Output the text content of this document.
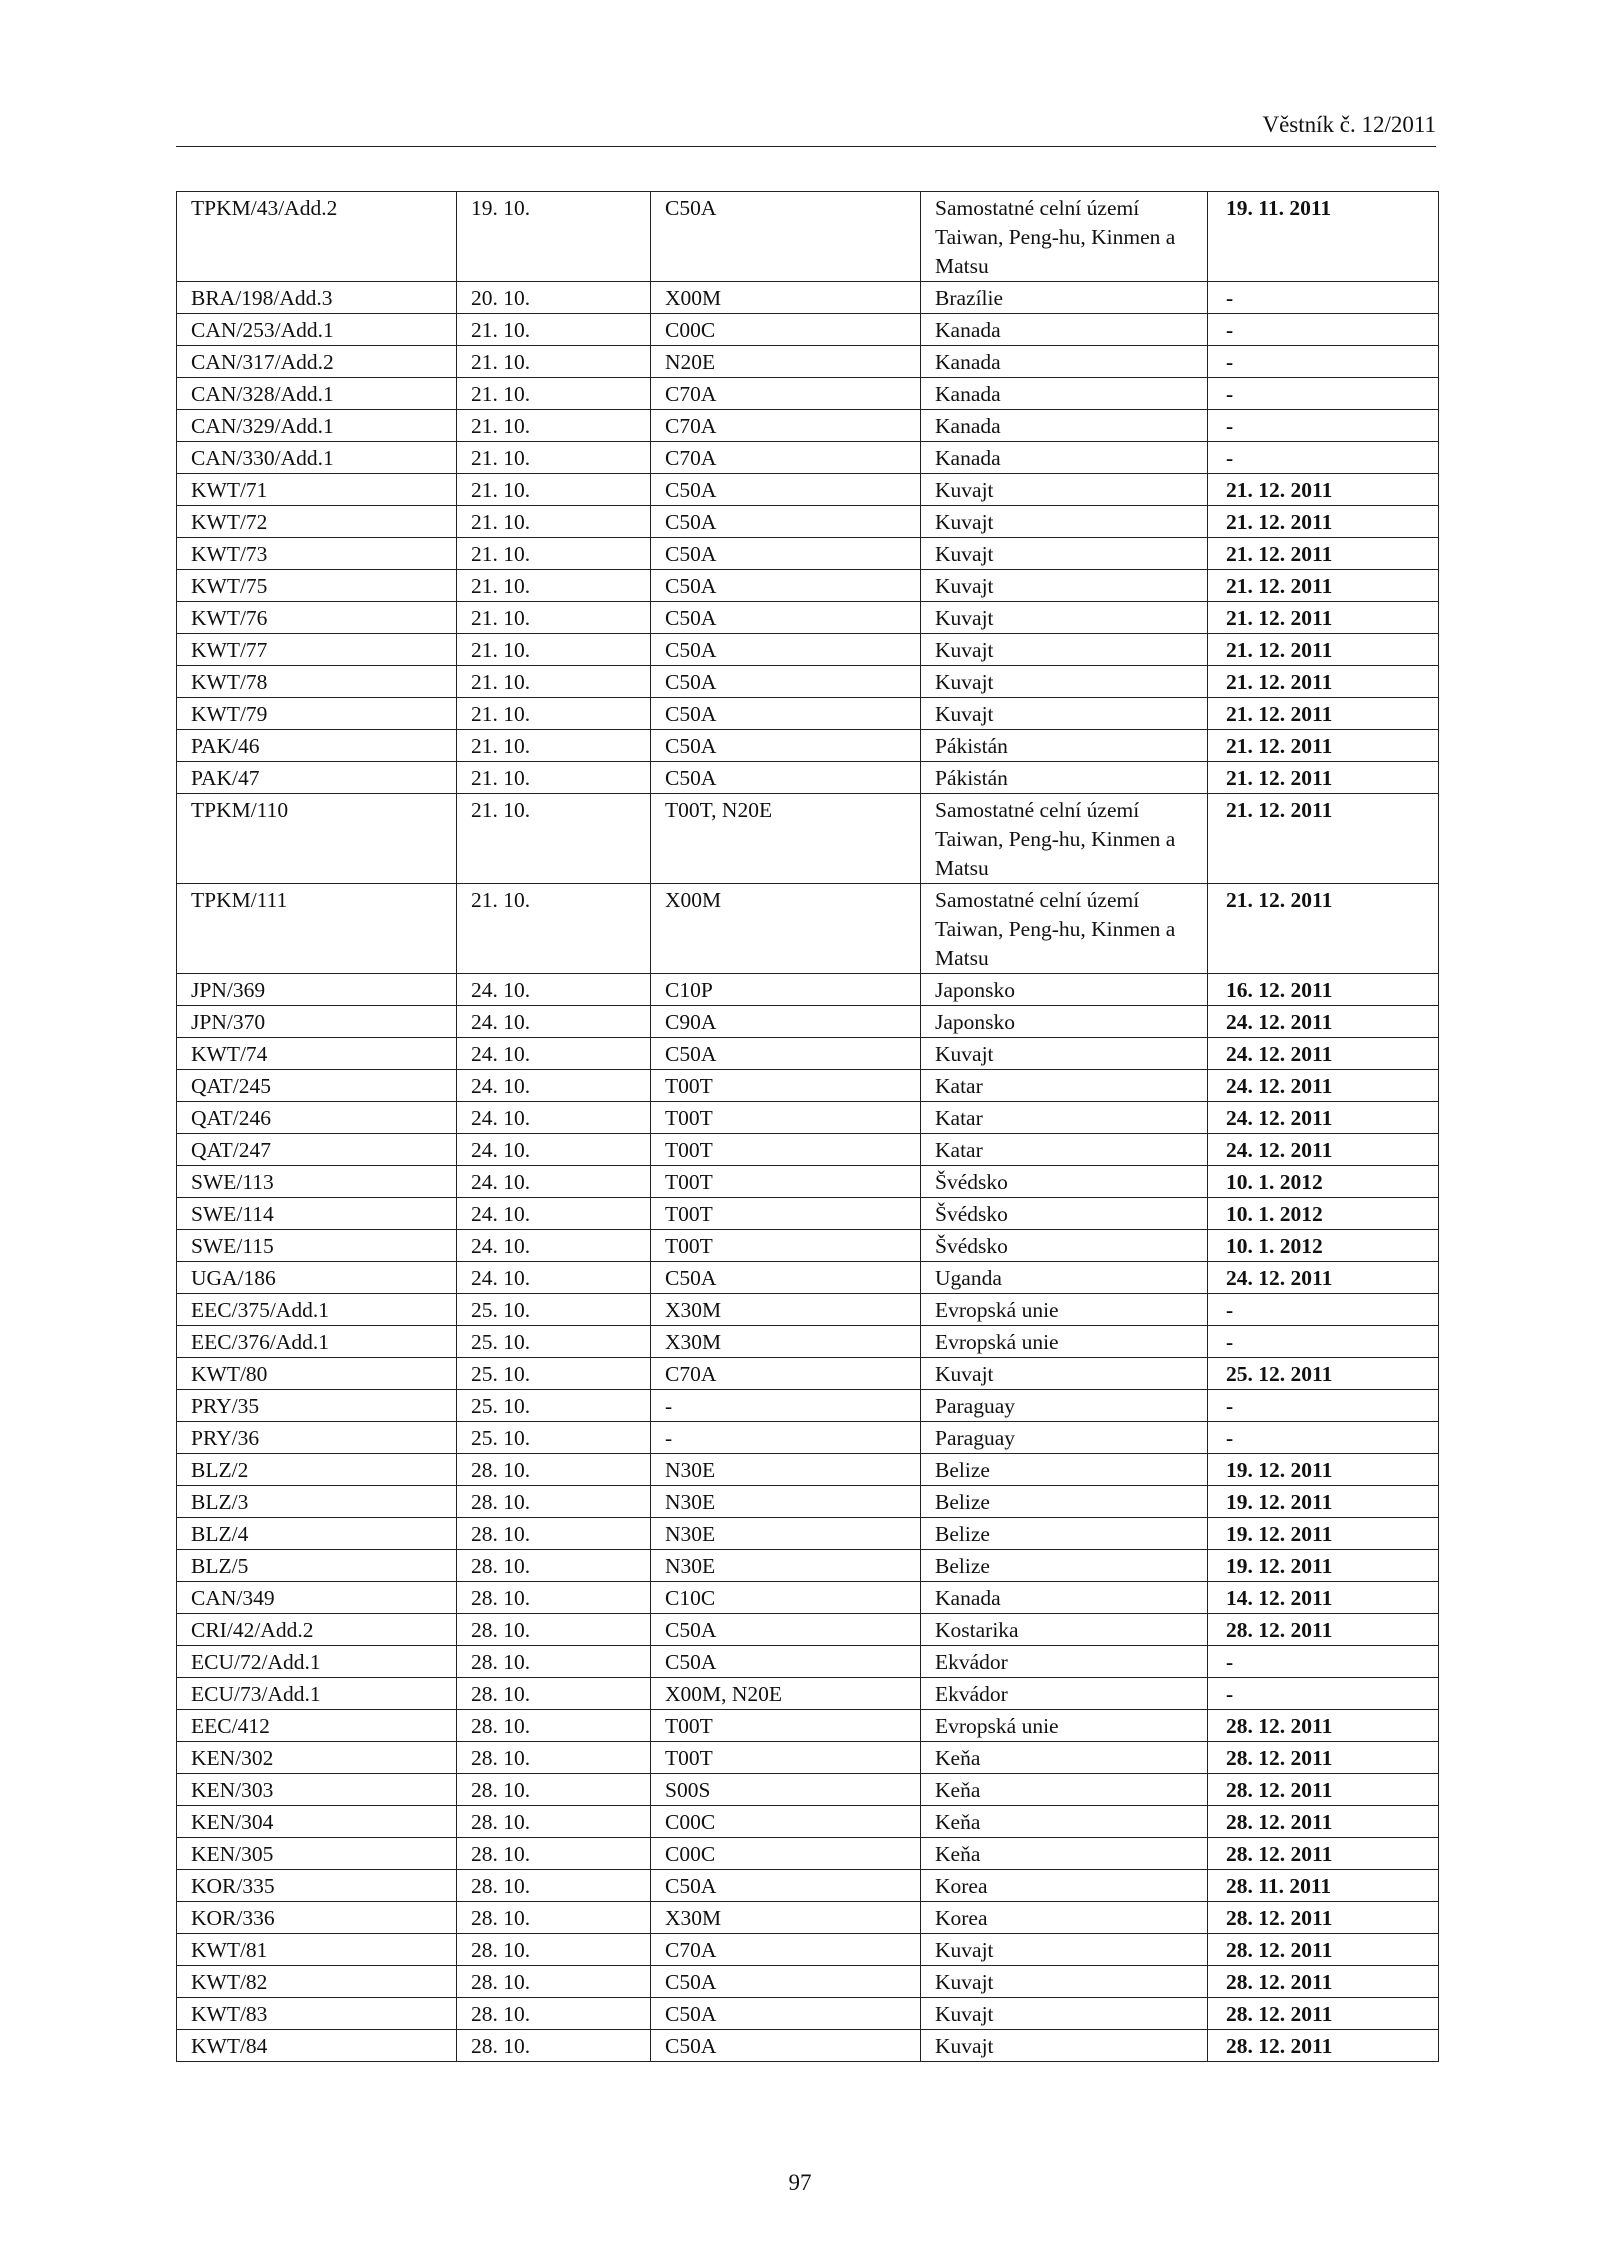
Věstník č. 12/2011
TPKM/43/Add.2	19. 10.	C50A	Samostatné celní území Taiwan, Peng-hu, Kinmen a Matsu	19. 11. 2011
BRA/198/Add.3	20. 10.	X00M	Brazílie	-
CAN/253/Add.1	21. 10.	C00C	Kanada	-
CAN/317/Add.2	21. 10.	N20E	Kanada	-
CAN/328/Add.1	21. 10.	C70A	Kanada	-
CAN/329/Add.1	21. 10.	C70A	Kanada	-
CAN/330/Add.1	21. 10.	C70A	Kanada	-
KWT/71	21. 10.	C50A	Kuvajt	21. 12. 2011
KWT/72	21. 10.	C50A	Kuvajt	21. 12. 2011
KWT/73	21. 10.	C50A	Kuvajt	21. 12. 2011
KWT/75	21. 10.	C50A	Kuvajt	21. 12. 2011
KWT/76	21. 10.	C50A	Kuvajt	21. 12. 2011
KWT/77	21. 10.	C50A	Kuvajt	21. 12. 2011
KWT/78	21. 10.	C50A	Kuvajt	21. 12. 2011
KWT/79	21. 10.	C50A	Kuvajt	21. 12. 2011
PAK/46	21. 10.	C50A	Pákistán	21. 12. 2011
PAK/47	21. 10.	C50A	Pákistán	21. 12. 2011
TPKM/110	21. 10.	T00T, N20E	Samostatné celní území Taiwan, Peng-hu, Kinmen a Matsu	21. 12. 2011
TPKM/111	21. 10.	X00M	Samostatné celní území Taiwan, Peng-hu, Kinmen a Matsu	21. 12. 2011
JPN/369	24. 10.	C10P	Japonsko	16. 12. 2011
JPN/370	24. 10.	C90A	Japonsko	24. 12. 2011
KWT/74	24. 10.	C50A	Kuvajt	24. 12. 2011
QAT/245	24. 10.	T00T	Katar	24. 12. 2011
QAT/246	24. 10.	T00T	Katar	24. 12. 2011
QAT/247	24. 10.	T00T	Katar	24. 12. 2011
SWE/113	24. 10.	T00T	Švédsko	10. 1. 2012
SWE/114	24. 10.	T00T	Švédsko	10. 1. 2012
SWE/115	24. 10.	T00T	Švédsko	10. 1. 2012
UGA/186	24. 10.	C50A	Uganda	24. 12. 2011
EEC/375/Add.1	25. 10.	X30M	Evropská unie	-
EEC/376/Add.1	25. 10.	X30M	Evropská unie	-
KWT/80	25. 10.	C70A	Kuvajt	25. 12. 2011
PRY/35	25. 10.	-	Paraguay	-
PRY/36	25. 10.	-	Paraguay	-
BLZ/2	28. 10.	N30E	Belize	19. 12. 2011
BLZ/3	28. 10.	N30E	Belize	19. 12. 2011
BLZ/4	28. 10.	N30E	Belize	19. 12. 2011
BLZ/5	28. 10.	N30E	Belize	19. 12. 2011
CAN/349	28. 10.	C10C	Kanada	14. 12. 2011
CRI/42/Add.2	28. 10.	C50A	Kostarika	28. 12. 2011
ECU/72/Add.1	28. 10.	C50A	Ekvádor	-
ECU/73/Add.1	28. 10.	X00M, N20E	Ekvádor	-
EEC/412	28. 10.	T00T	Evropská unie	28. 12. 2011
KEN/302	28. 10.	T00T	Keňa	28. 12. 2011
KEN/303	28. 10.	S00S	Keňa	28. 12. 2011
KEN/304	28. 10.	C00C	Keňa	28. 12. 2011
KEN/305	28. 10.	C00C	Keňa	28. 12. 2011
KOR/335	28. 10.	C50A	Korea	28. 11. 2011
KOR/336	28. 10.	X30M	Korea	28. 12. 2011
KWT/81	28. 10.	C70A	Kuvajt	28. 12. 2011
KWT/82	28. 10.	C50A	Kuvajt	28. 12. 2011
KWT/83	28. 10.	C50A	Kuvajt	28. 12. 2011
KWT/84	28. 10.	C50A	Kuvajt	28. 12. 2011
97
